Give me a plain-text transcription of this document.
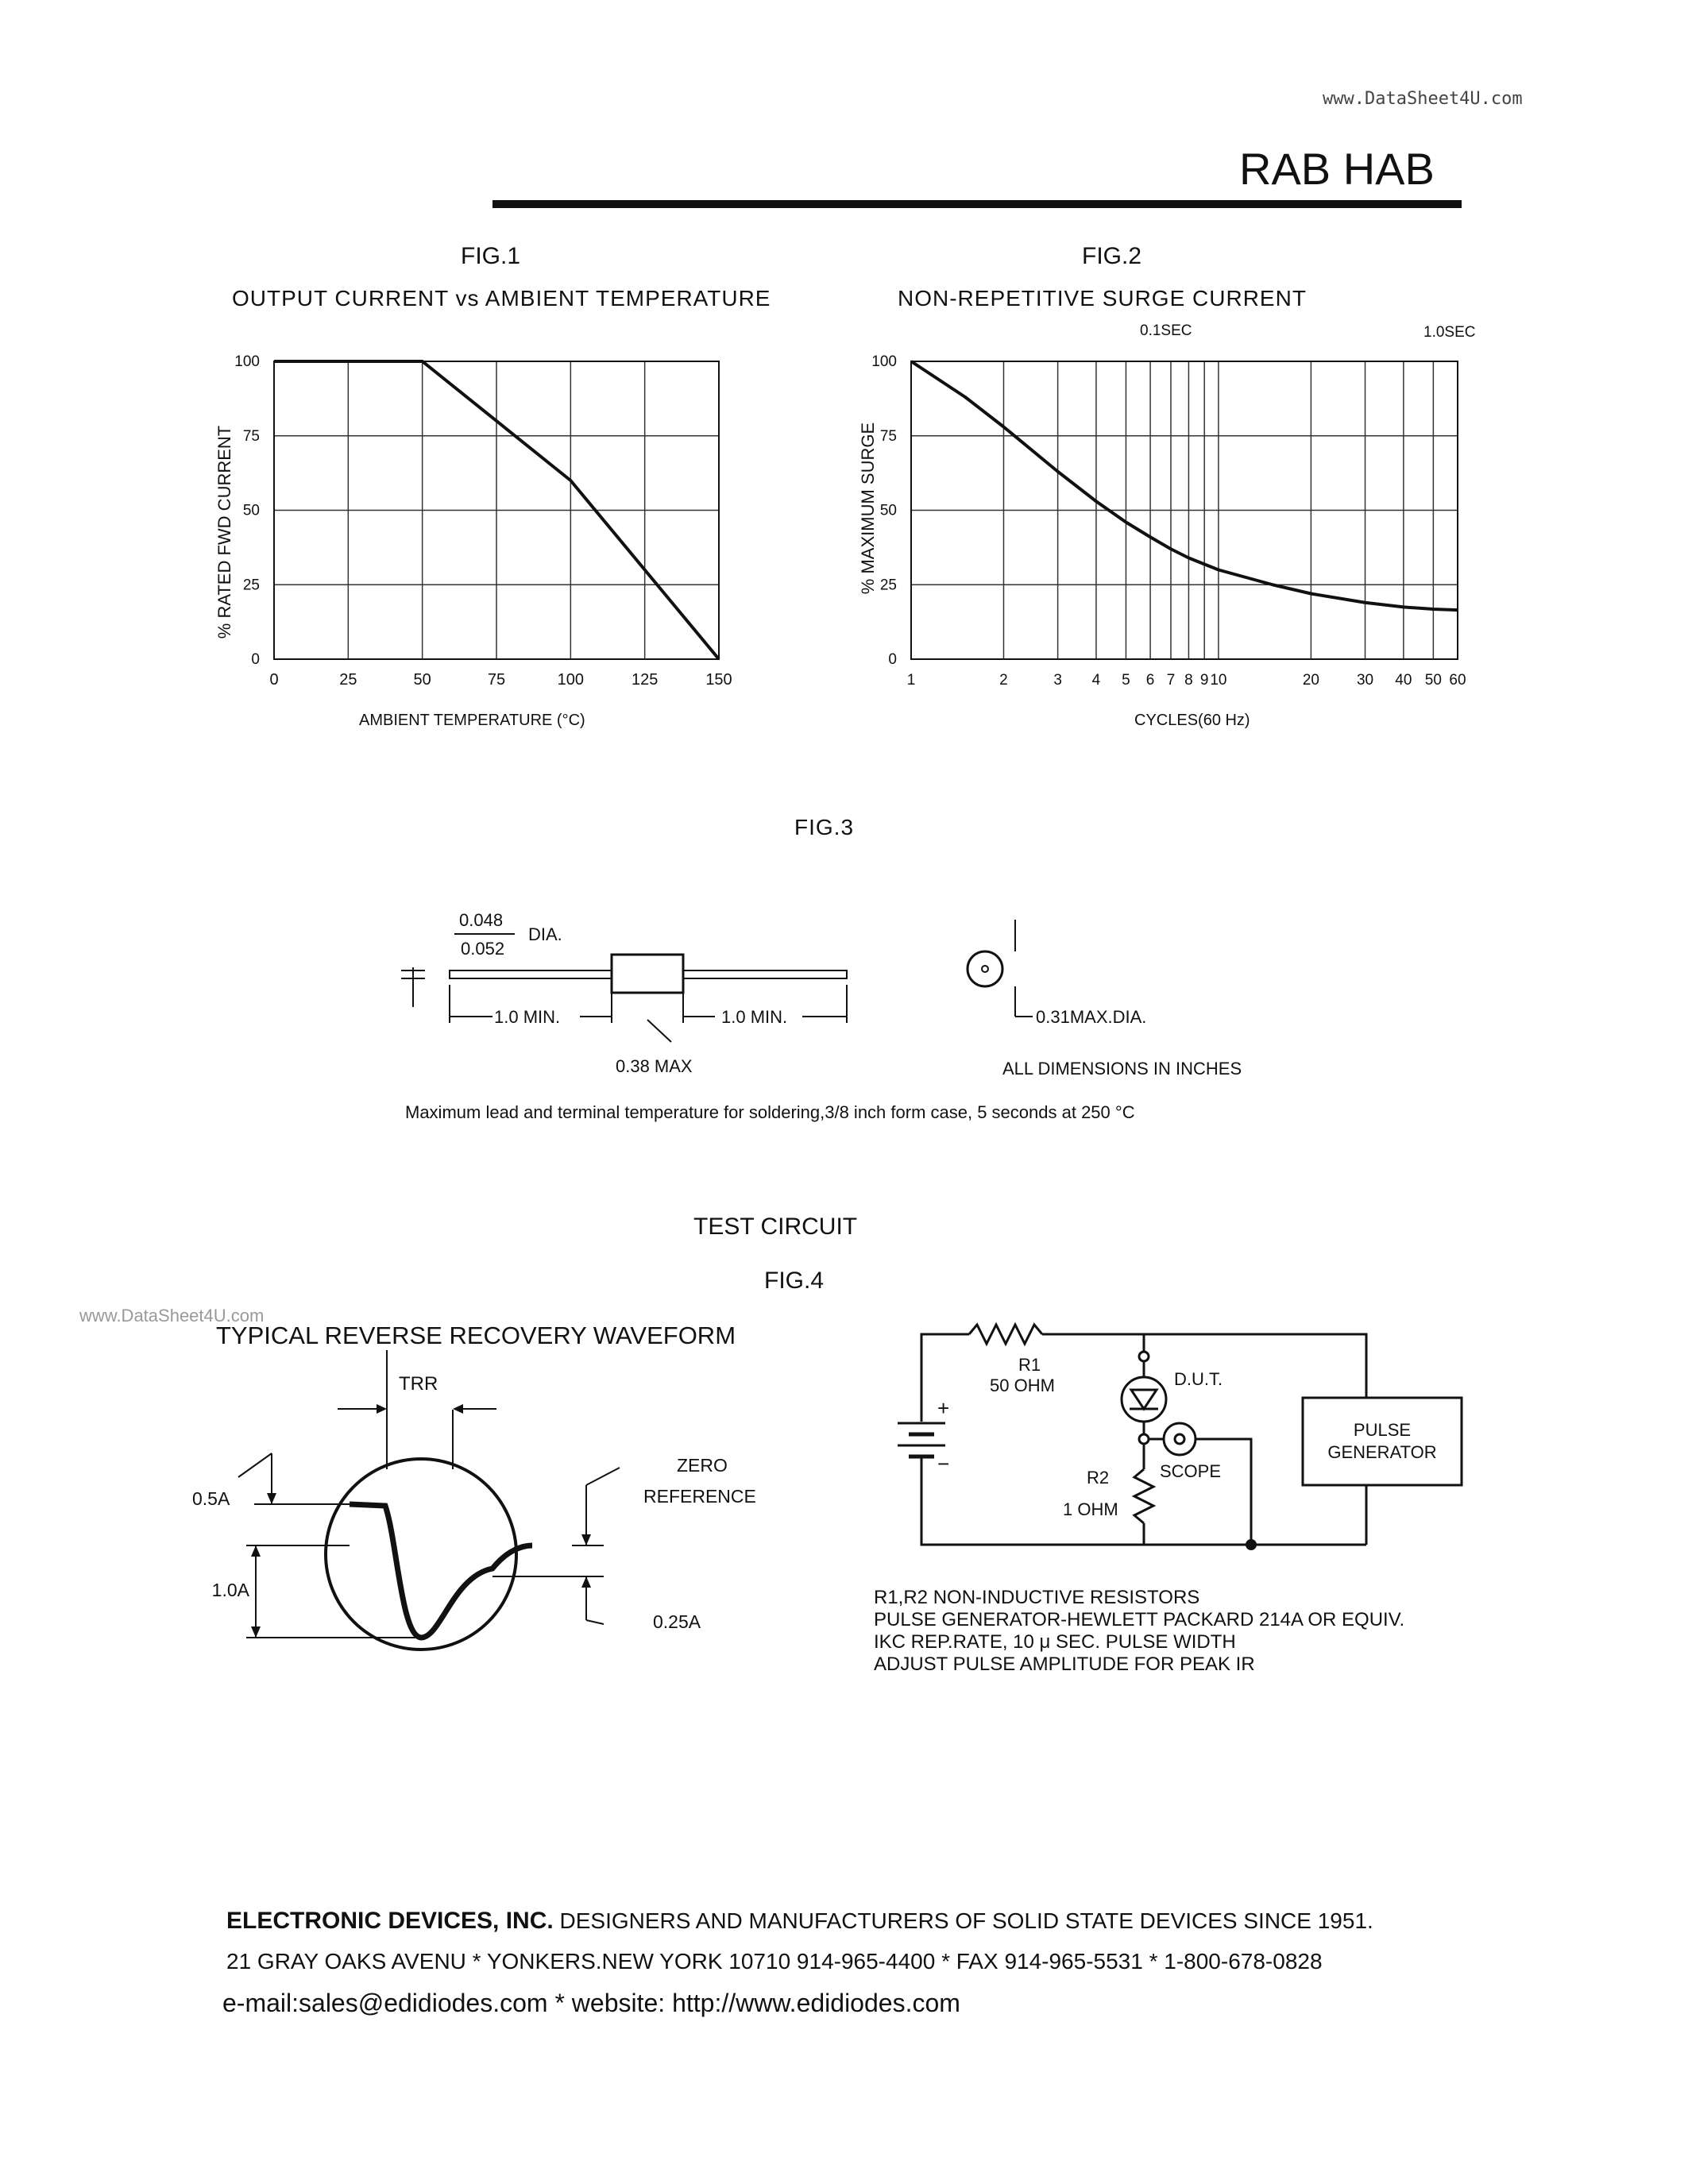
www.DataSheet4U.com
RAB HAB
FIG.1
OUTPUT CURRENT vs AMBIENT TEMPERATURE
AMBIENT TEMPERATURE (°C)
FIG.2
NON-REPETITIVE SURGE CURRENT
CYCLES(60 Hz)
0	25	50	75	100	125	150
0
25
50
75
100
1	2	3 4 5 6 7 8 9 10	20 30 40 50 60
0
25
50
75
100
% RATED FWD CURRENT	% MAXIMUM SURGE
0.1SEC	1.0SEC
FIG.3
0.048
0.052
DIA.
1.0 MIN.	1.0 MIN.
0.38 MAX
0.31MAX.DIA.
ALL DIMENSIONS IN INCHES
Maximum lead and terminal temperature for soldering,3/8 inch form case, 5 seconds at 250 °C
TEST CIRCUIT
FIG.4
www.DataSheet4U.com
TYPICAL REVERSE RECOVERY WAVEFORM
TRR
0.5A
1.0A
ZERO
REFERENCE
0.25A
+
−
PULSE
GENERATOR
R1
50 OHM	D.U.T.
SCOPE
R2
1 OHM
R1,R2 NON-INDUCTIVE RESISTORS
PULSE GENERATOR-HEWLETT PACKARD 214A OR EQUIV.
IKC REP.RATE, 10 μ SEC. PULSE WIDTH
ADJUST PULSE AMPLITUDE FOR PEAK IR
ELECTRONIC DEVICES, INC. DESIGNERS AND MANUFACTURERS OF SOLID STATE DEVICES SINCE 1951.
21 GRAY OAKS AVENU * YONKERS.NEW YORK 10710 914-965-4400 * FAX 914-965-5531 * 1-800-678-0828
e-mail:sales@edidiodes.com * website: http://www.edidiodes.com
